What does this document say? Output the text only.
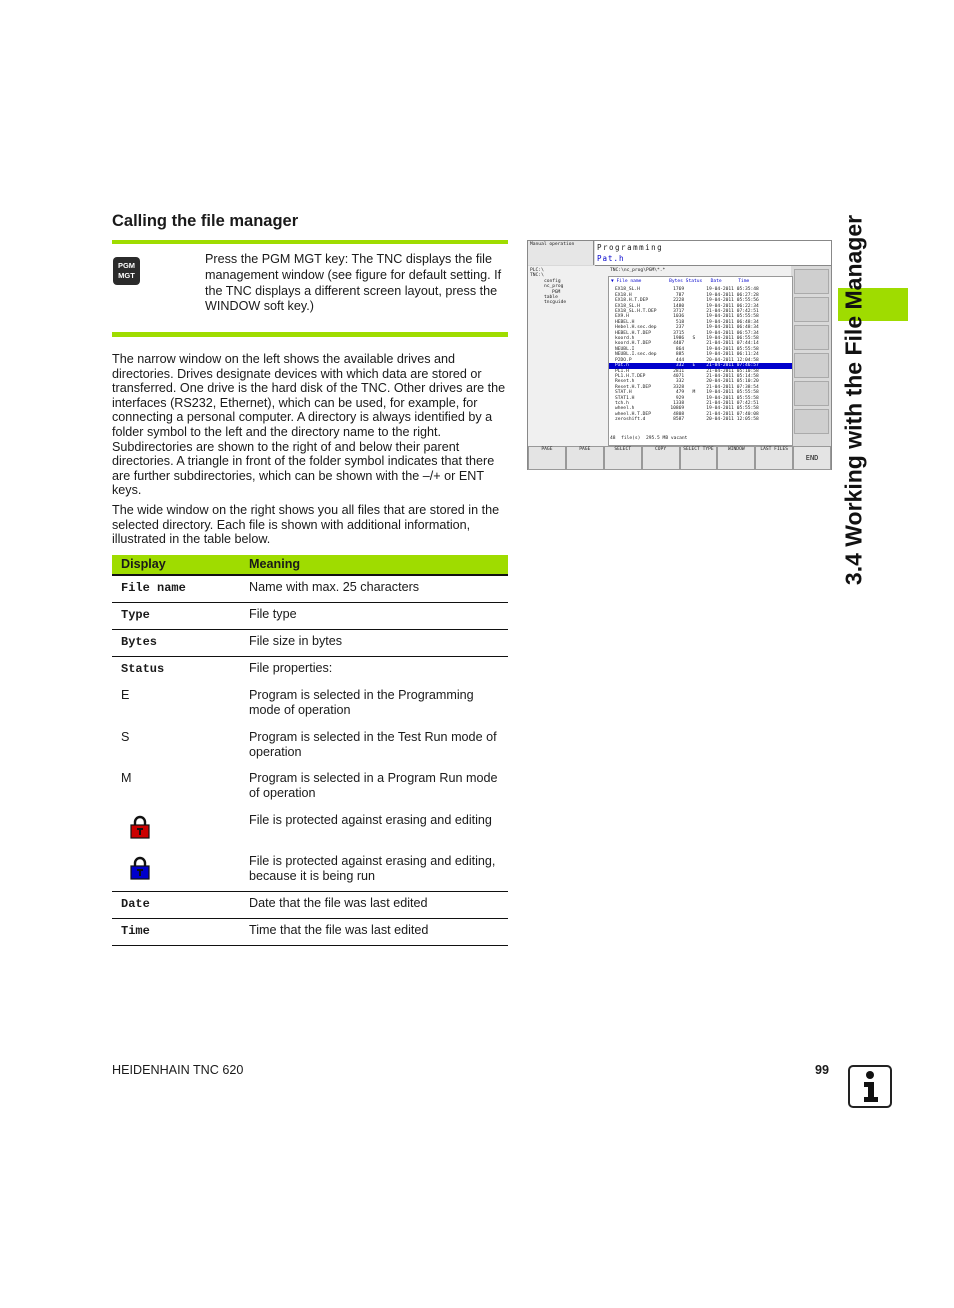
Calling the file manager
PGM
MGT
Press the PGM MGT key: The TNC displays the file management window (see figure for default setting. If the TNC displays a different screen layout, press the WINDOW soft key.)
The narrow window on the left shows the available drives and directories. Drives designate devices with which data are stored or transferred. One drive is the hard disk of the TNC. Other drives are the interfaces (RS232, Ethernet), which can be used, for example, for connecting a personal computer. A directory is always identified by a folder symbol to the left and the directory name to the right. Subdirectories are shown to the right of and below their parent directories. A triangle in front of the folder symbol indicates that there are further subdirectories, which can be shown with the –/+ or ENT keys.
The wide window on the right shows you all files that are stored in the selected directory. Each file is shown with additional information, illustrated in the table below.
Display	Meaning
File name	Name with max. 25 characters
Type	File type
Bytes	File size in bytes
Status	File properties:
E	Program is selected in the Programming mode of operation
S	Program is selected in the Test Run mode of operation
M	Program is selected in a Program Run mode of operation
File is protected against erasing and editing
File is protected against erasing and editing, because it is being run
Date	Date that the file was last edited
Time	Time that the file was last edited
Manual operation	Programming
Pat.h
TNC:\nc_prog\PGM\*.*
PLC:\
TNC:\
config
nc_prog
PGM
table
tncguide
▼ File name          Bytes Status   Date      Time
EX18_SL.H            1769        19-04-2011 05:35:48
EX18.H                787        19-04-2011 06:27:28
EX18.H.T.DEP         2228        19-04-2011 05:55:56
EX18_SL.H            1480        19-04-2011 06:22:34
EX18_SL.H.T.DEP      3717        21-04-2011 07:42:51
EX9.H                1036        19-04-2011 05:55:58
HEBEL.H               518        19-04-2011 06:48:34
Hebel.H.sec.dep       237        19-04-2011 06:48:34
HEBEL.H.T.DEP        3715        19-04-2011 06:57:34
koord.h              1986   S    19-04-2011 06:55:58
koord.H.T.DEP        4407        21-04-2011 07:44:14
NEUBL.I               864        19-04-2011 05:55:58
NEUBL.I.sec.dep       885        19-04-2011 06:11:24
P2DO.P                444        20-04-2011 12:04:58
Pat.h                 332   E    21-04-2011 07:46:57
PL1.H                2811        21-04-2011 05:10:58
PL1.H.T.DEP          4071        21-04-2011 05:14:58
Reset.h               332        20-04-2011 05:10:20
Reset.H.T.DEP        3328        21-04-2011 07:38:54
STAT.H                479   M    19-04-2011 05:55:58
STAT1.H               929        19-04-2011 05:55:58
tch.h                1338        21-04-2011 07:42:51
wheel.h             10869        19-04-2011 05:55:58
wheel.H.T.DEP        4808        21-04-2011 07:40:08
zeroshift.d          8587        20-04-2011 12:05:58
48  file(s)  295.5 MB vacant
PAGE	PAGE	SELECT	COPY	SELECT TYPE	WINDOW	LAST FILES
END 3.4 Working with the File Manager
HEIDENHAIN TNC 620	99
